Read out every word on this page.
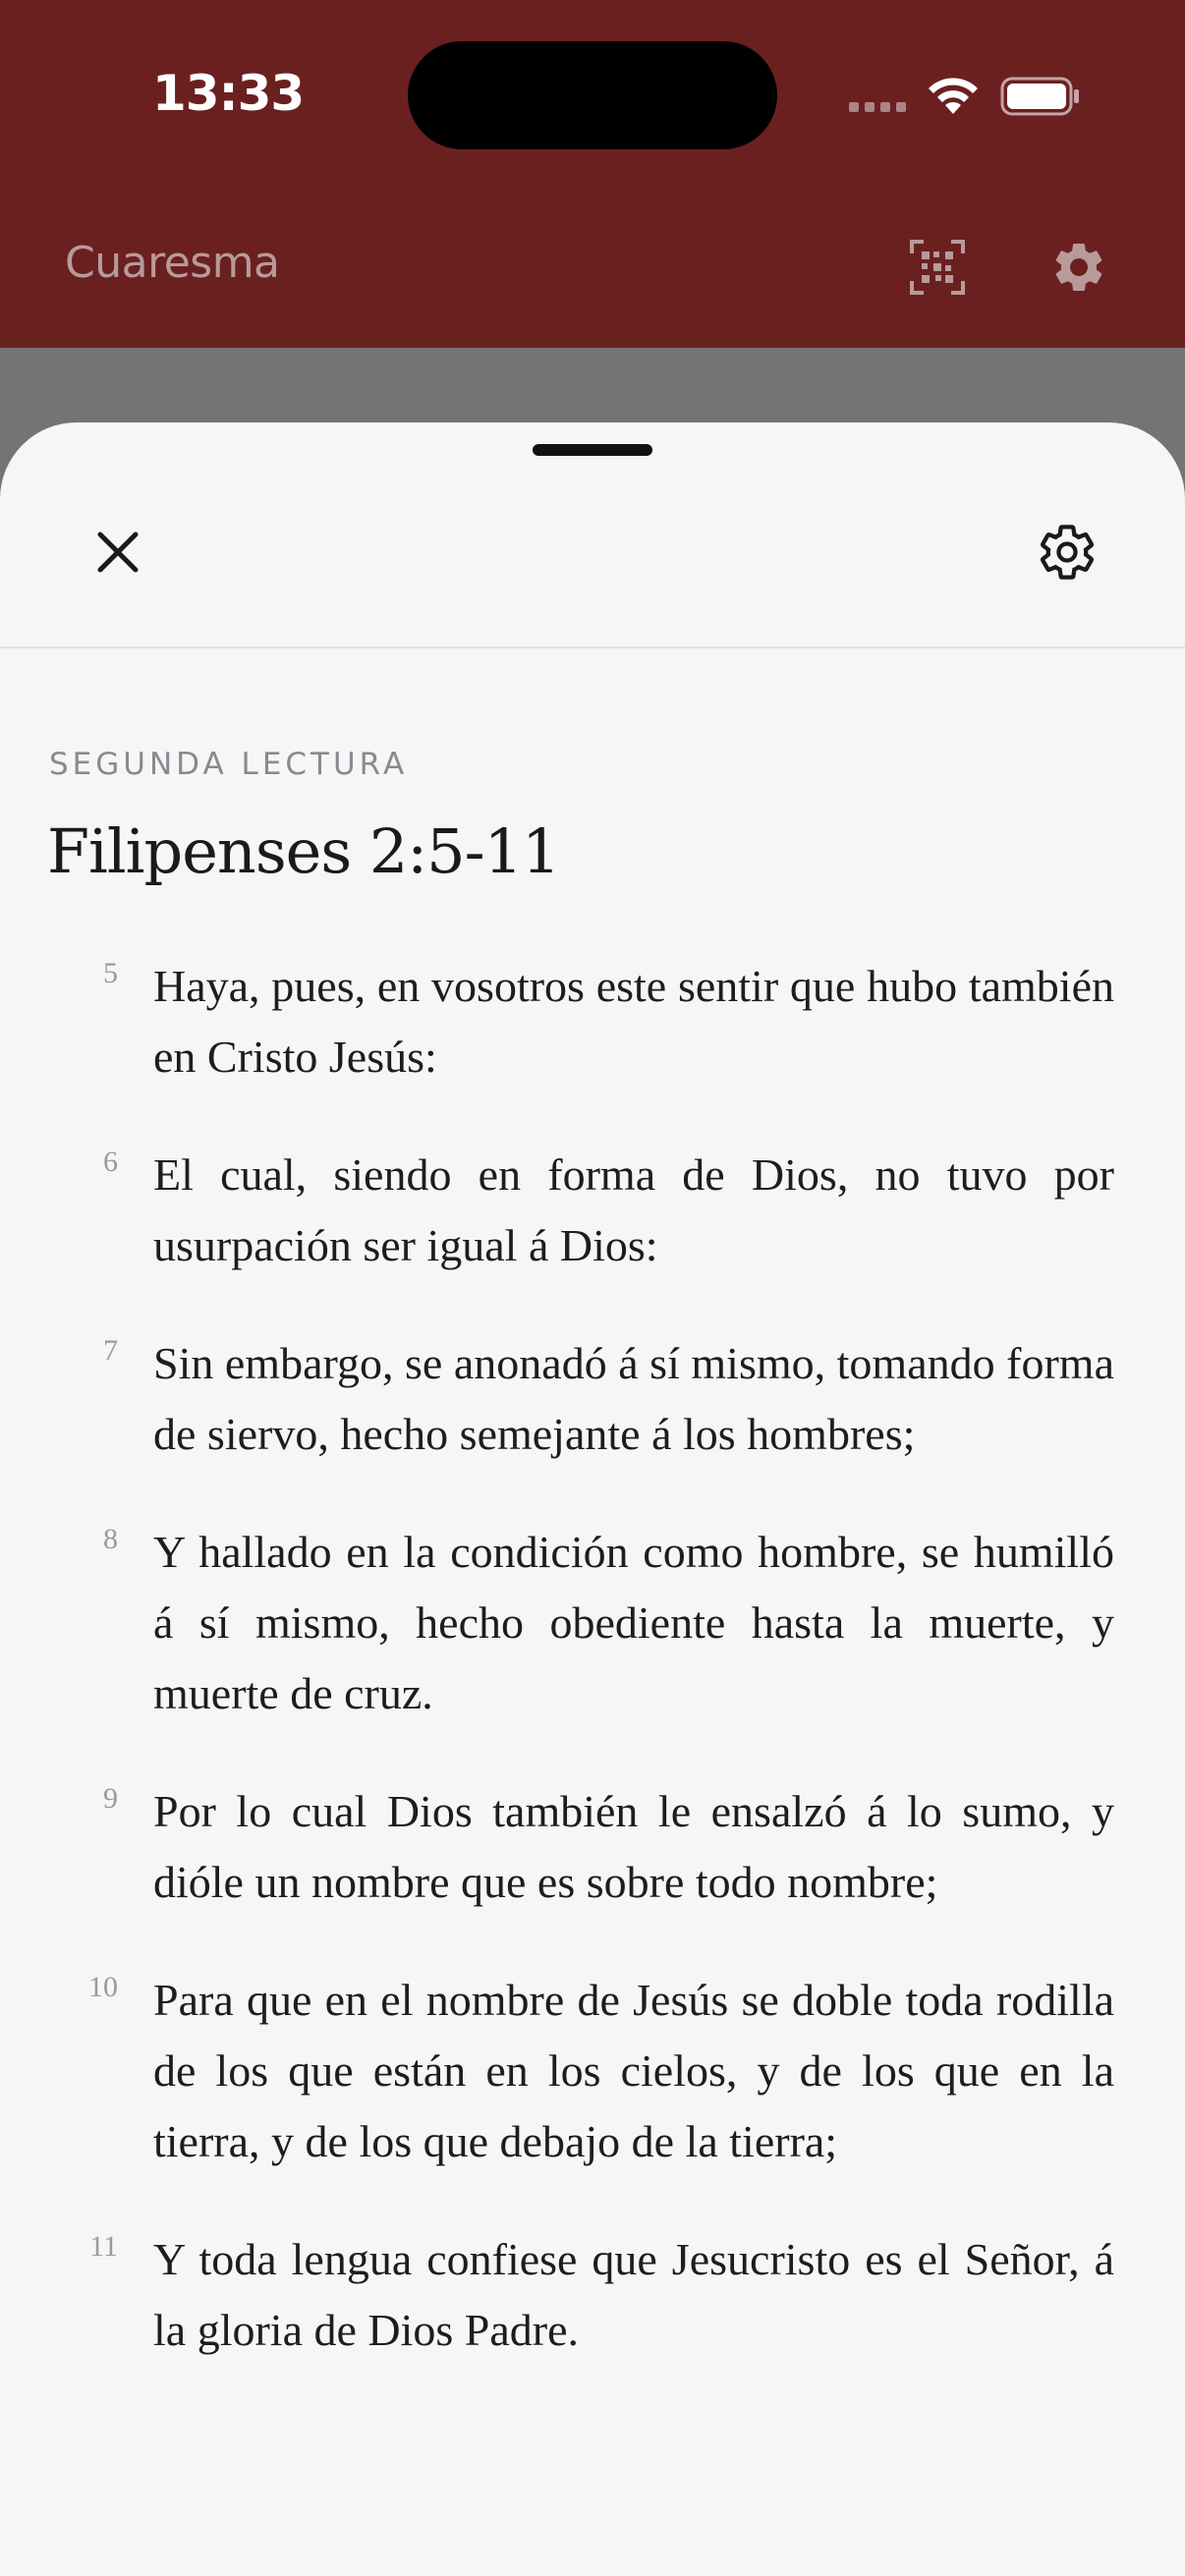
13:33
Cuaresma
SEGUNDA LECTURA
Filipenses 2:5-11
5 Haya, pues, en vosotros este sentir que hubo también en Cristo Jesús:

6 El cual, siendo en forma de Dios, no tuvo por usurpación ser igual á Dios:

7 Sin embargo, se anonadó á sí mismo, tomando forma de siervo, hecho semejante á los hombres;

8 Y hallado en la condición como hombre, se humilló á sí mismo, hecho obediente hasta la muerte, y muerte de cruz.

9 Por lo cual Dios también le ensalzó á lo sumo, y dióle un nombre que es sobre todo nombre;

10 Para que en el nombre de Jesús se doble toda rodilla de los que están en los cielos, y de los que en la tierra, y de los que debajo de la tierra;

11 Y toda lengua confiese que Jesucristo es el Señor, á la gloria de Dios Padre.
